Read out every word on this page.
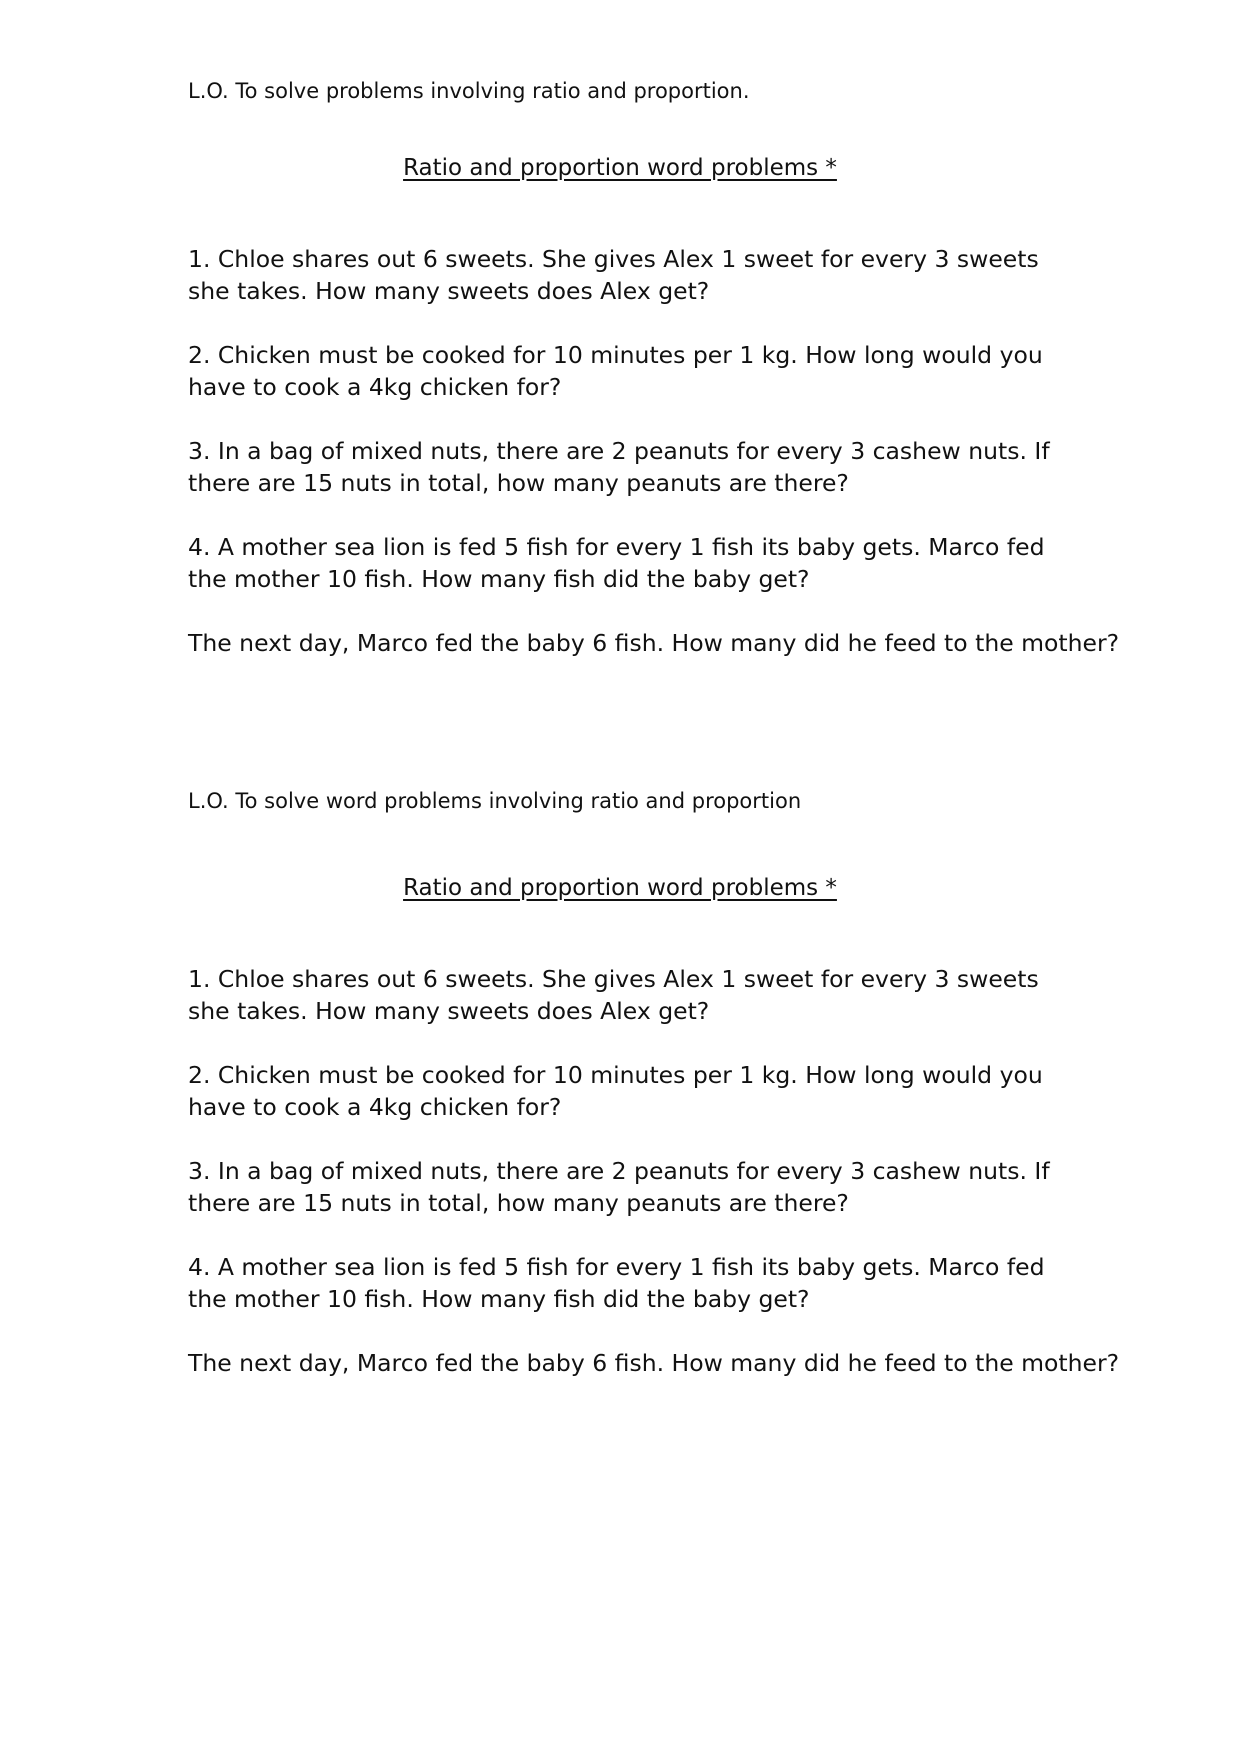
L.O. To solve problems involving ratio and proportion.

Ratio and proportion word problems *

1. Chloe shares out 6 sweets. She gives Alex 1 sweet for every 3 sweets she takes. How many sweets does Alex get?
2. Chicken must be cooked for 10 minutes per 1 kg. How long would you have to cook a 4kg chicken for?
3. In a bag of mixed nuts, there are 2 peanuts for every 3 cashew nuts. If there are 15 nuts in total, how many peanuts are there?
4. A mother sea lion is fed 5 fish for every 1 fish its baby gets. Marco fed the mother 10 fish. How many fish did the baby get?

The next day, Marco fed the baby 6 fish. How many did he feed to the mother?

L.O. To solve word problems involving ratio and proportion

Ratio and proportion word problems *

1. Chloe shares out 6 sweets. She gives Alex 1 sweet for every 3 sweets she takes. How many sweets does Alex get?
2. Chicken must be cooked for 10 minutes per 1 kg. How long would you have to cook a 4kg chicken for?
3. In a bag of mixed nuts, there are 2 peanuts for every 3 cashew nuts. If there are 15 nuts in total, how many peanuts are there?
4. A mother sea lion is fed 5 fish for every 1 fish its baby gets. Marco fed the mother 10 fish. How many fish did the baby get?

The next day, Marco fed the baby 6 fish. How many did he feed to the mother?
